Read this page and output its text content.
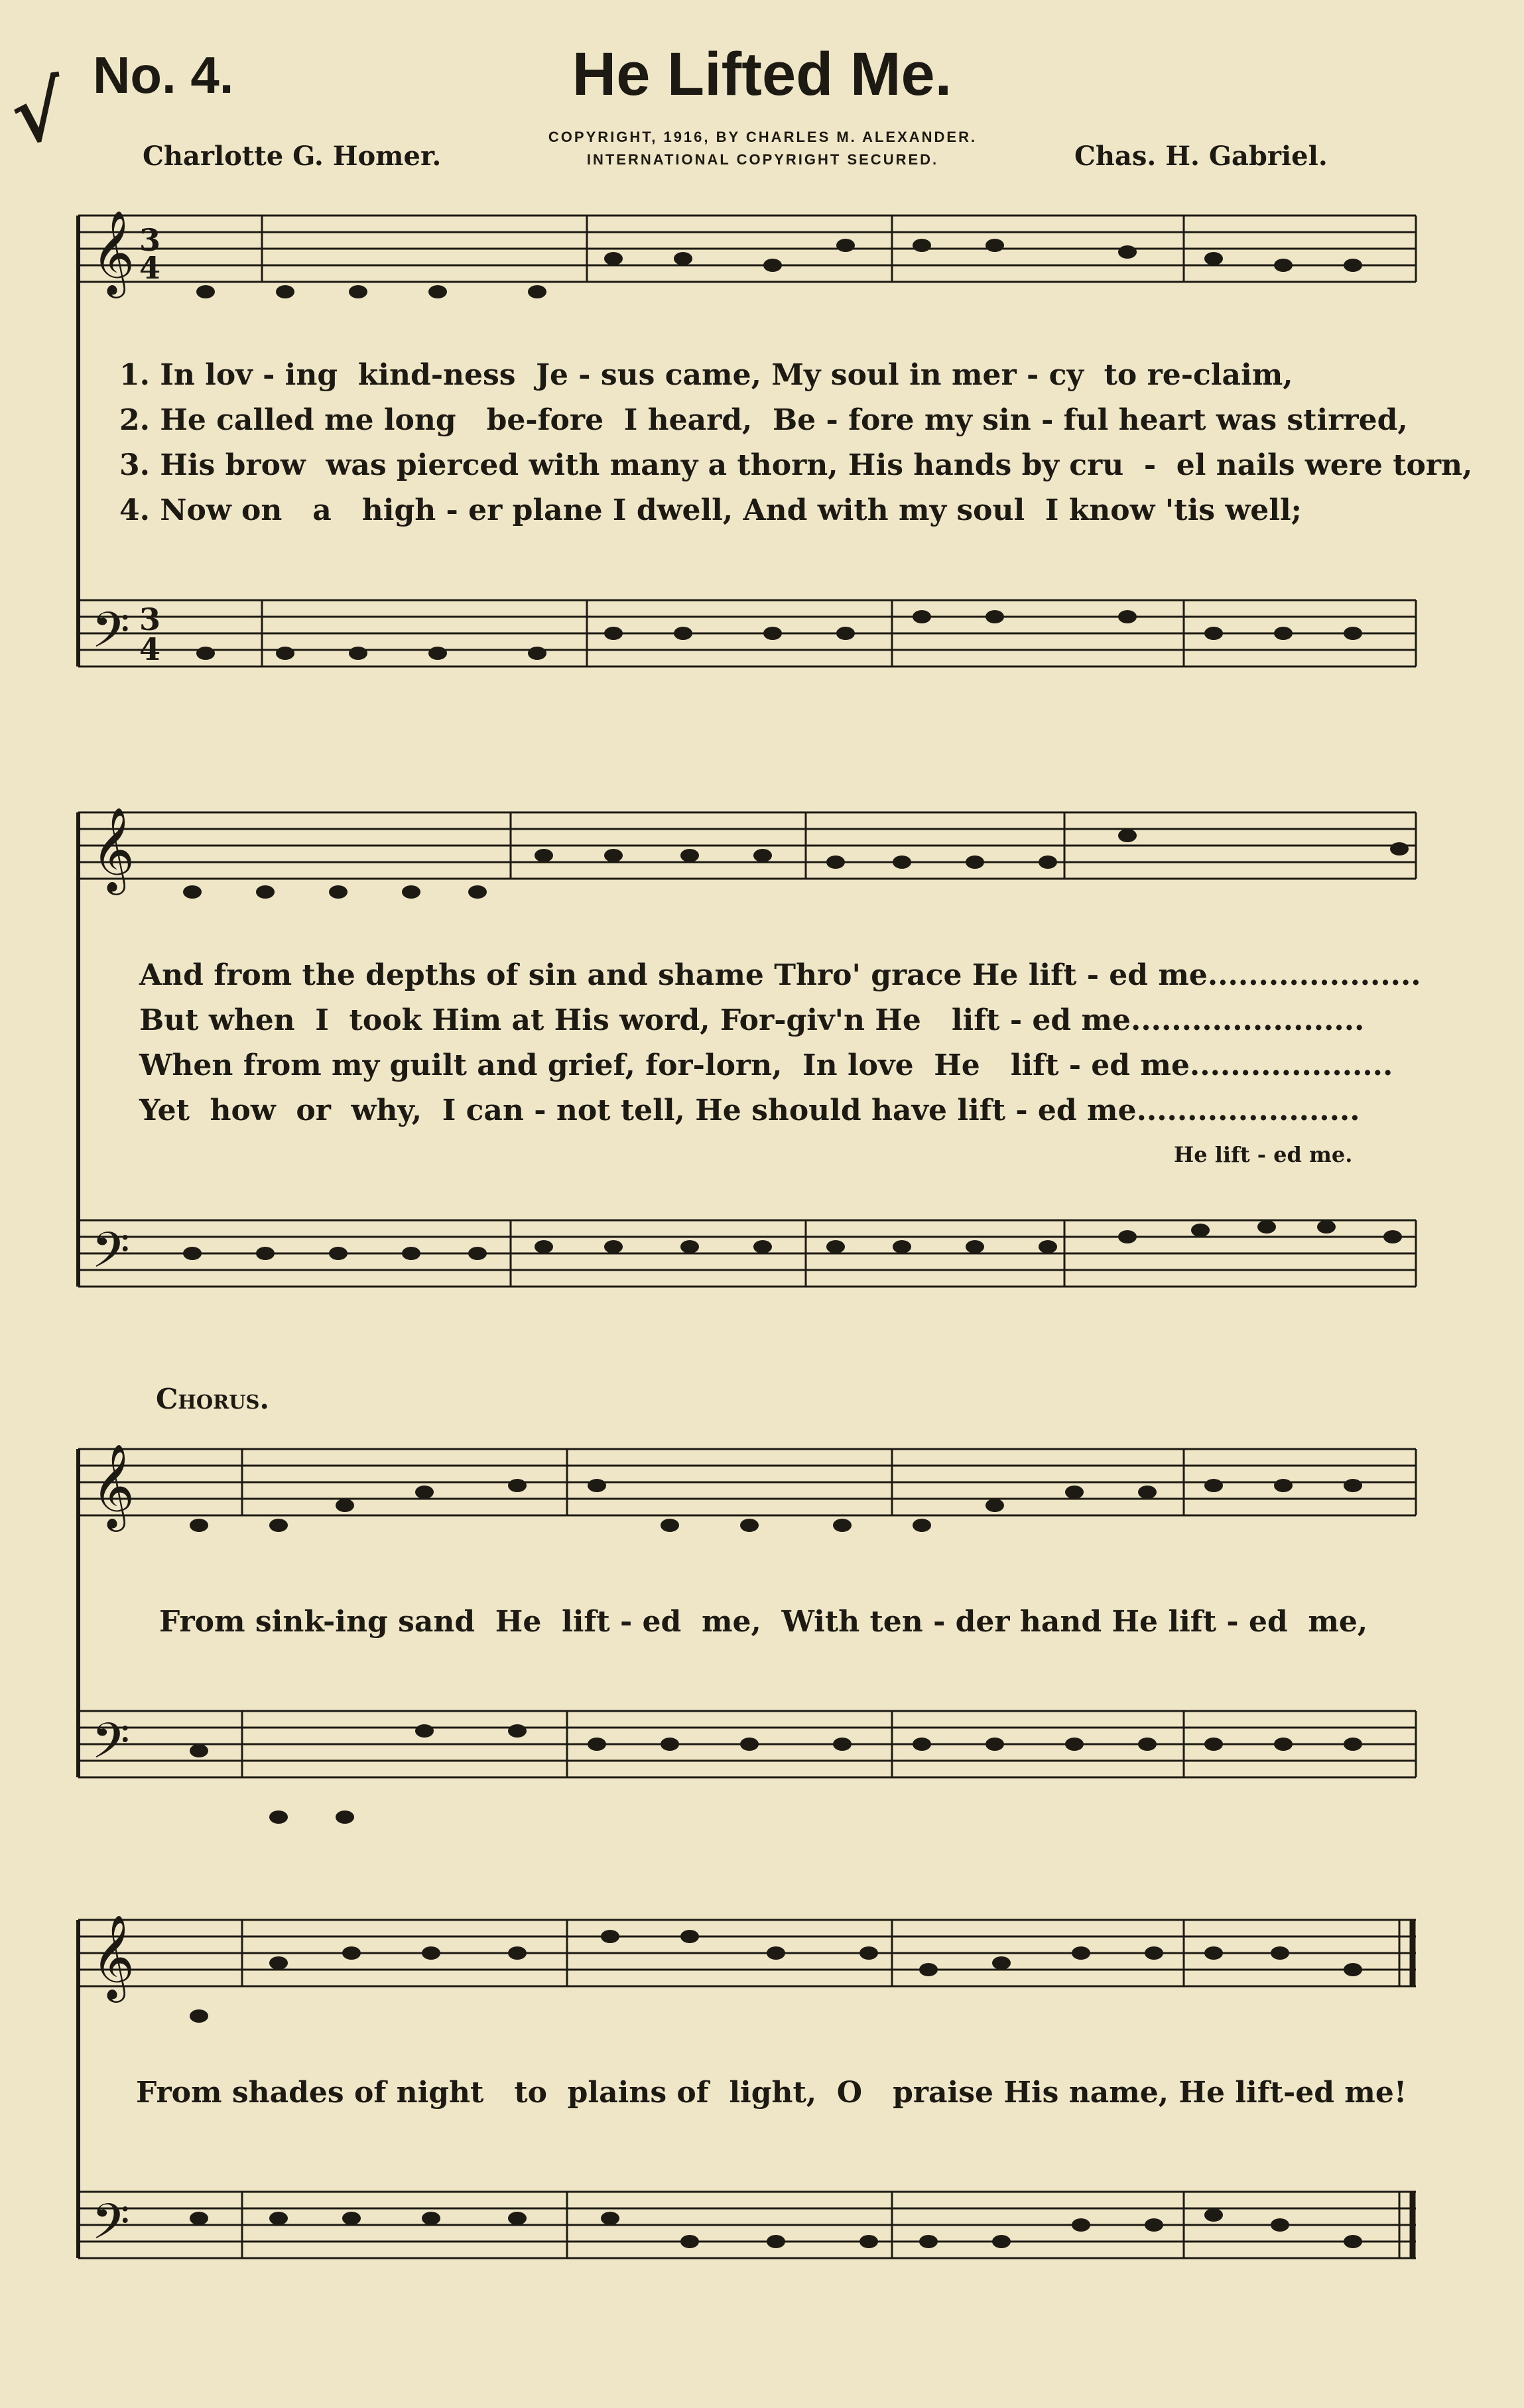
√ No. 4.	He Lifted Me.
COPYRIGHT, 1916, BY CHARLES M. ALEXANDER.
INTERNATIONAL COPYRIGHT SECURED.
Charlotte G. Homer.	Chas. H. Gabriel.
𝄞 3
4
𝄢 3
4
𝄞
𝄢
𝄞
𝄢
𝄞
𝄢
1. In lov - ing  kind-ness  Je - sus came, My soul in mer - cy  to re-claim,
2. He called me long   be-fore  I heard,  Be - fore my sin - ful heart was stirred,
3. His brow  was pierced with many a thorn, His hands by cru  -  el nails were torn,
4. Now on   a   high - er plane I dwell, And with my soul  I know 'tis well;
And from the depths of sin and shame Thro' grace He lift - ed me.....................
But when  I  took Him at His word, For-giv'n He   lift - ed me.......................
When from my guilt and grief, for-lorn,  In love  He   lift - ed me....................
Yet  how  or  why,  I can - not tell, He should have lift - ed me......................
He lift - ed me.
Chorus.
From sink-ing sand  He  lift - ed  me,  With ten - der hand He lift - ed  me,
From shades of night   to  plains of  light,  O   praise His name, He lift-ed me!
